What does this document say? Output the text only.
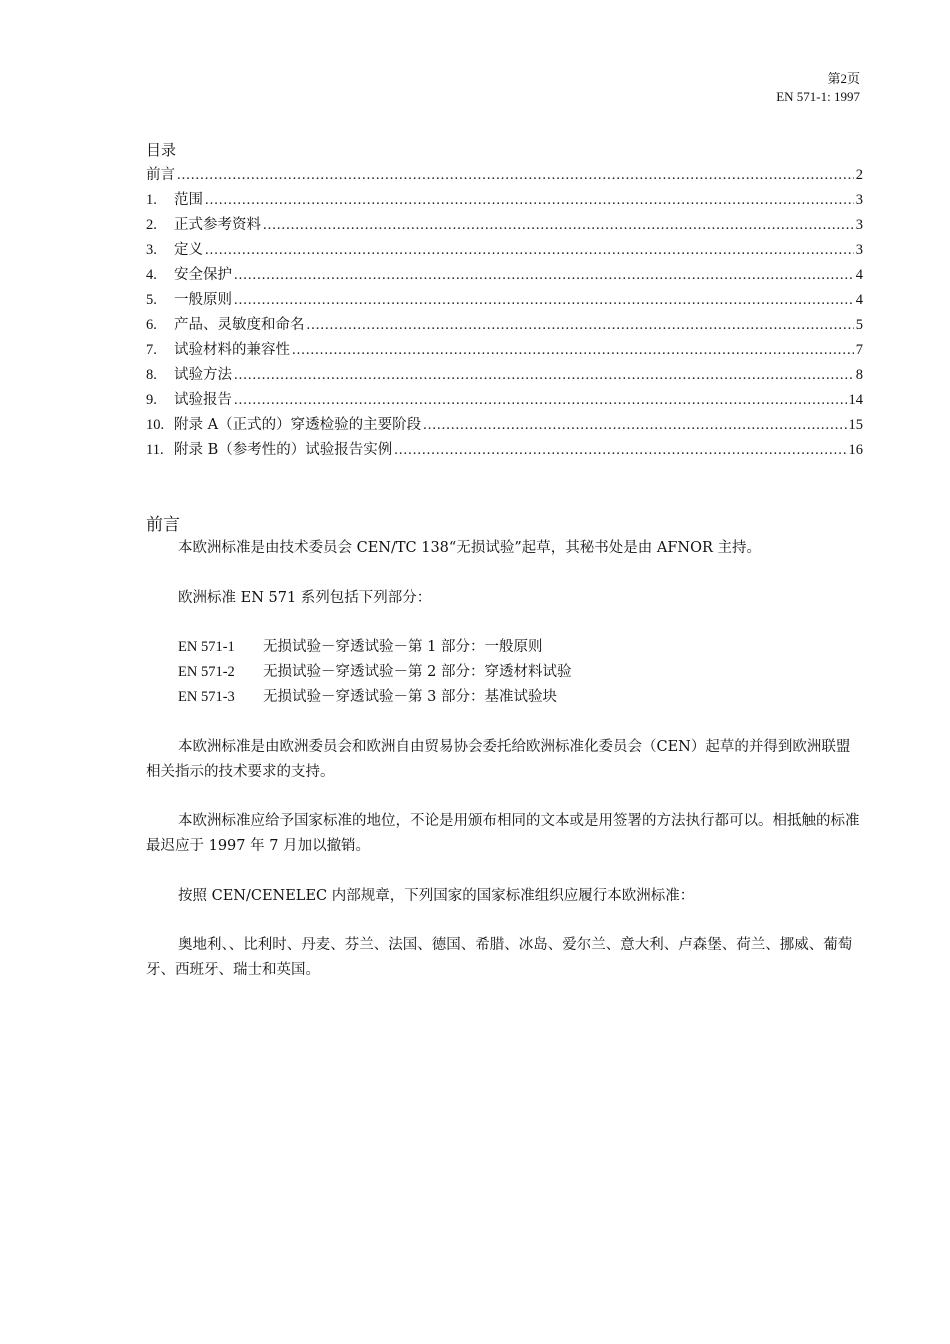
第2页
EN 571-1: 1997
目录
前言 .....	2
1.	范围 .....	3
2.	正式参考资料 .....	3
3.	定义 .....	3
4.	安全保护 .....	4
5.	一般原则 .....	4
6.	产品、灵敏度和命名 .....	5
7.	试验材料的兼容性 .....	7
8.	试验方法 .....	8
9.	试验报告 .....	14
10. 附录 A（正式的）穿透检验的主要阶段 .....	15
11. 附录 B（参考性的）试验报告实例 .....	16
前言

本欧洲标准是由技术委员会 CEN/TC 138“无损试验”起草，其秘书处是由 AFNOR 主持。

欧洲标准 EN 571 系列包括下列部分：

EN 571-1	无损试验－穿透试验－第 1 部分：一般原则
EN 571-2	无损试验－穿透试验－第 2 部分：穿透材料试验
EN 571-3	无损试验－穿透试验－第 3 部分：基准试验块

本欧洲标准是由欧洲委员会和欧洲自由贸易协会委托给欧洲标准化委员会（CEN）起草的并得到欧洲联盟相关指示的技术要求的支持。

本欧洲标准应给予国家标准的地位，不论是用颁布相同的文本或是用签署的方法执行都可以。相抵触的标准最迟应于 1997 年 7 月加以撤销。

按照 CEN/CENELEC 内部规章，下列国家的国家标准组织应履行本欧洲标准：

奥地利、、比利时、丹麦、芬兰、法国、德国、希腊、冰岛、爱尔兰、意大利、卢森堡、荷兰、挪威、葡萄牙、西班牙、瑞士和英国。
